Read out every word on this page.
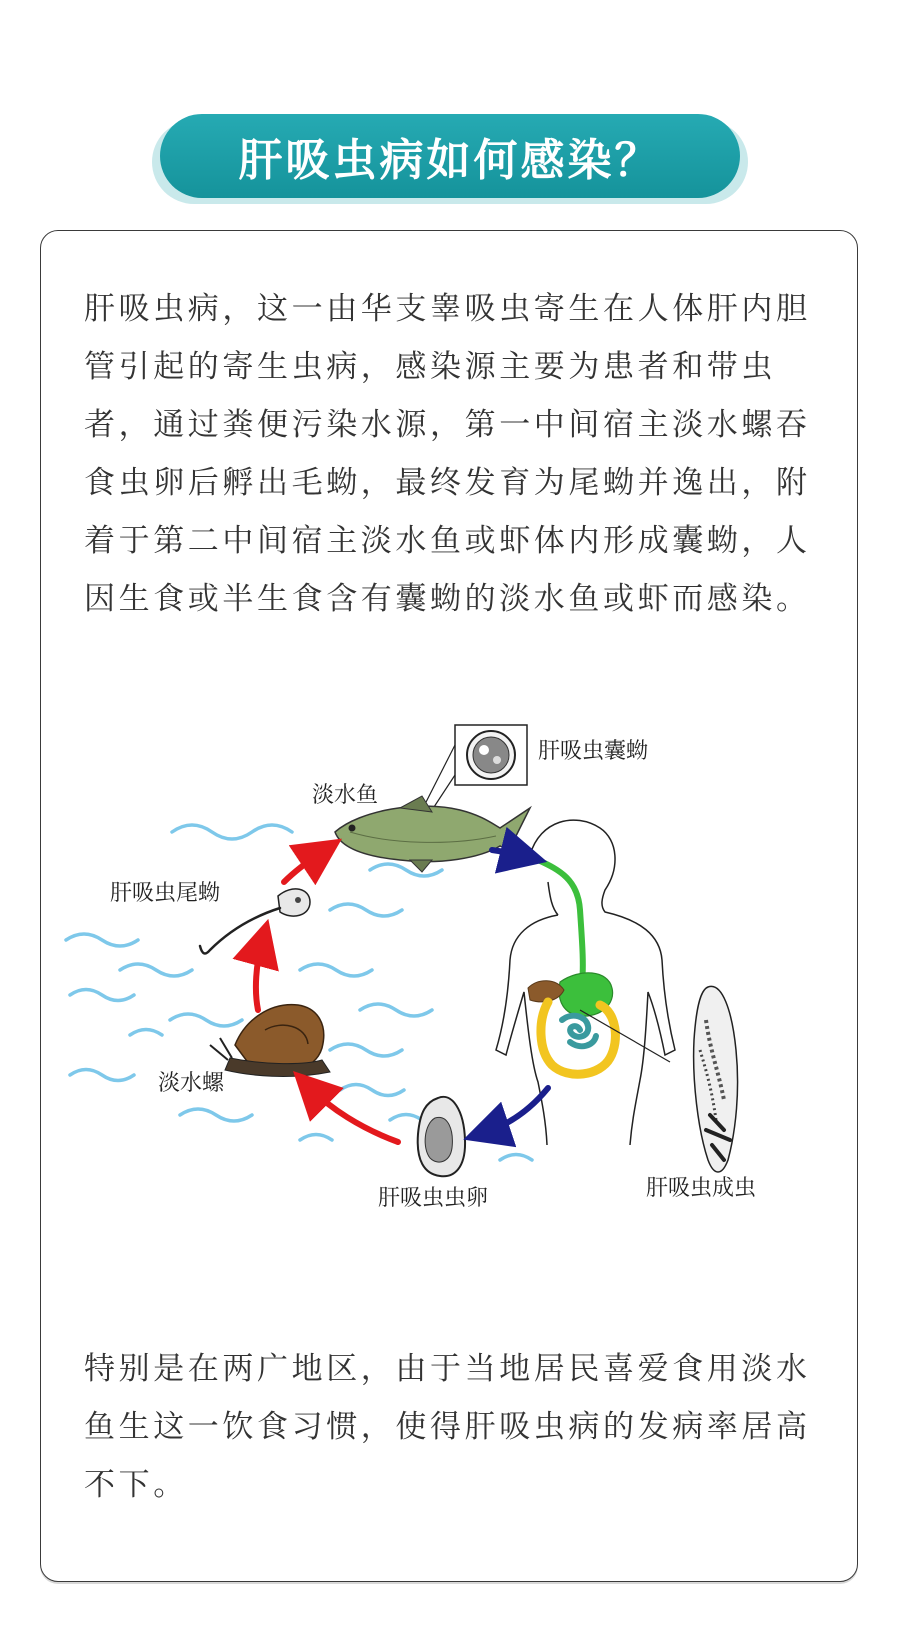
肝吸虫病如何感染？

肝吸虫病，这一由华支睾吸虫寄生在人体肝内胆管引起的寄生虫病，感染源主要为患者和带虫者，通过粪便污染水源，第一中间宿主淡水螺吞食虫卵后孵出毛蚴，最终发育为尾蚴并逸出，附着于第二中间宿主淡水鱼或虾体内形成囊蚴，人因生食或半生食含有囊蚴的淡水鱼或虾而感染。

肝吸虫囊蚴
淡水鱼
肝吸虫成虫
肝吸虫虫卵
淡水螺
肝吸虫尾蚴

特别是在两广地区，由于当地居民喜爱食用淡水鱼生这一饮食习惯，使得肝吸虫病的发病率居高不下。
